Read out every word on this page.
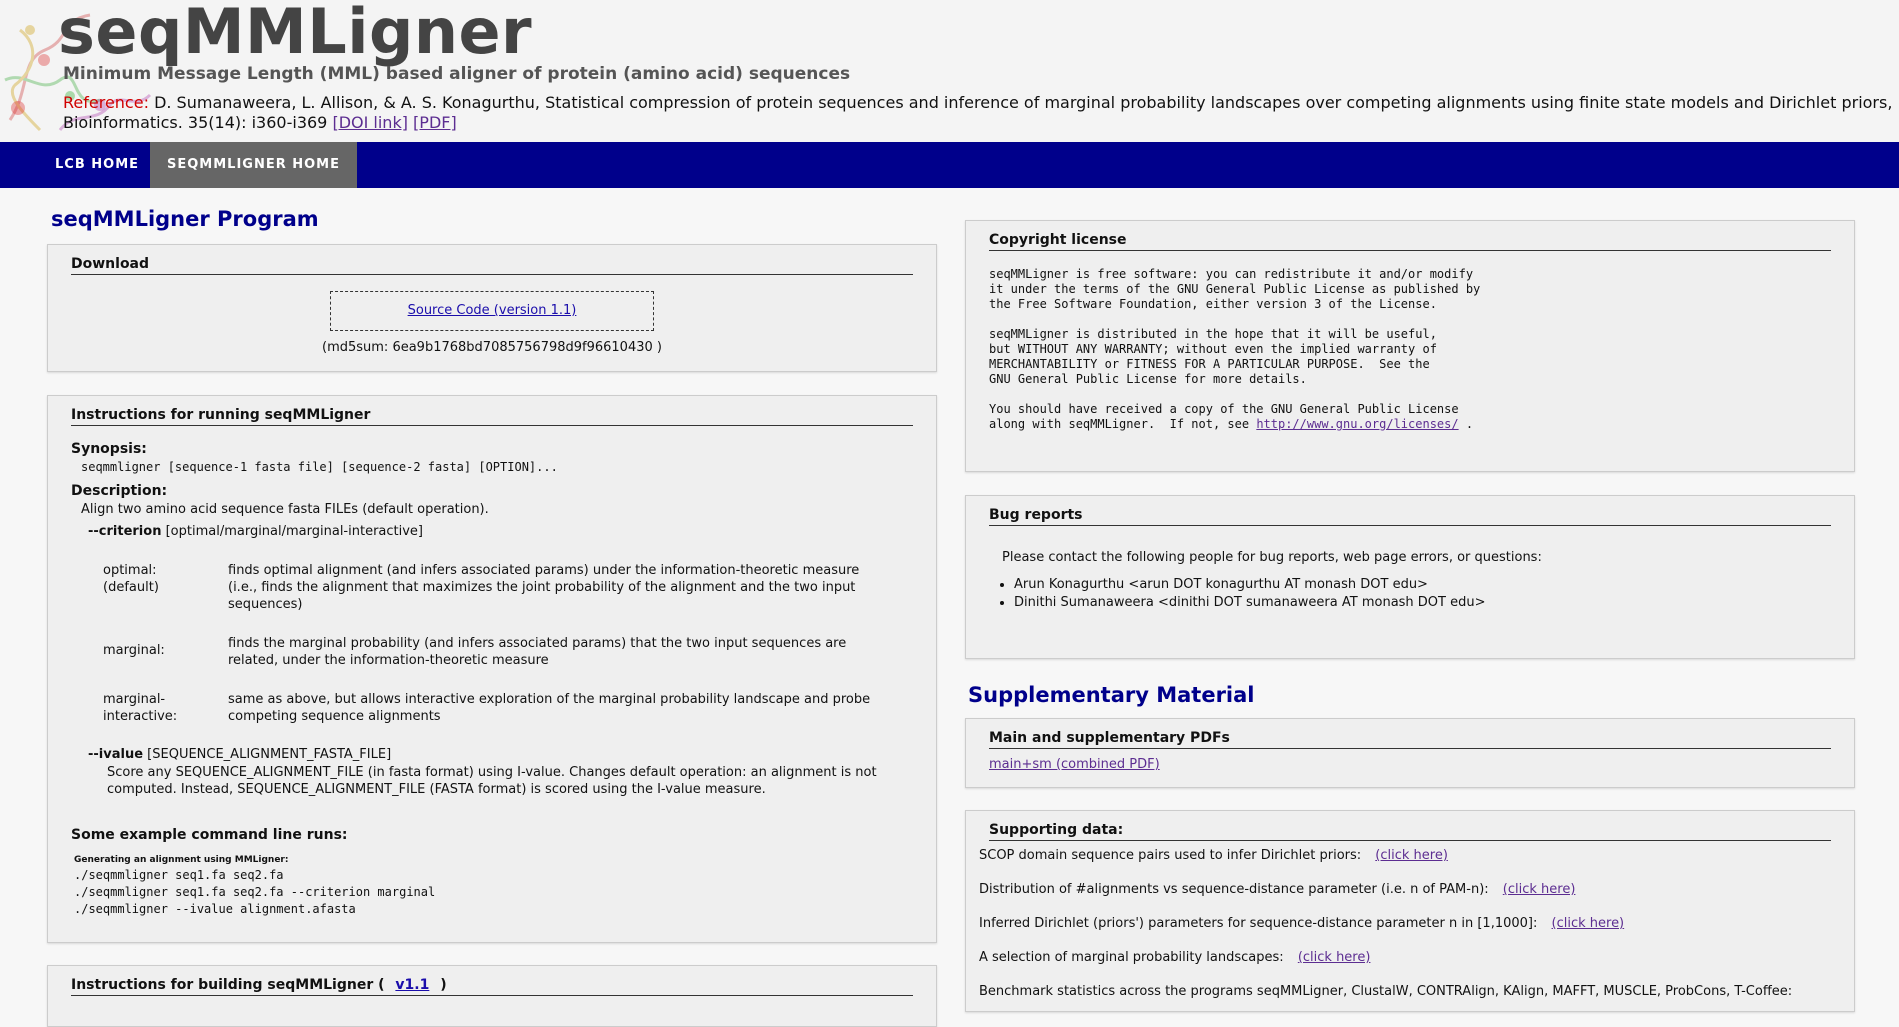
seqMMLigner
Minimum Message Length (MML) based aligner of protein (amino acid) sequences
Reference: D. Sumanaweera, L. Allison, & A. S. Konagurthu, Statistical compression of protein sequences and inference of marginal probability landscapes over competing alignments using finite state models and Dirichlet priors,
Bioinformatics. 35(14): i360-i369 [DOI link] [PDF]
LCB HOME	SEQMMLIGNER HOME
seqMMLigner Program
Download
Source Code (version 1.1)
(md5sum: 6ea9b1768bd7085756798d9f96610430 )
Instructions for running seqMMLigner
Synopsis:
seqmmligner [sequence-1 fasta file] [sequence-2 fasta] [OPTION]...
Description:
Align two amino acid sequence fasta FILEs (default operation).
--criterion [optimal/marginal/marginal-interactive]
optimal:
(default)
finds optimal alignment (and infers associated params) under the information-theoretic measure (i.e., finds the alignment that maximizes the joint probability of the alignment and the two input sequences)
marginal:	finds the marginal probability (and infers associated params) that the two input sequences are related, under the information-theoretic measure
marginal-
interactive:
same as above, but allows interactive exploration of the marginal probability landscape and probe competing sequence alignments
--ivalue [SEQUENCE_ALIGNMENT_FASTA_FILE]
Score any SEQUENCE_ALIGNMENT_FILE (in fasta format) using I-value. Changes default operation: an alignment is not computed. Instead, SEQUENCE_ALIGNMENT_FILE (FASTA format) is scored using the I-value measure.
Some example command line runs:
Generating an alignment using MMLigner:
./seqmmligner seq1.fa seq2.fa
./seqmmligner seq1.fa seq2.fa --criterion marginal
./seqmmligner --ivalue alignment.afasta
Instructions for building seqMMLigner ( v1.1 )
Copyright license
seqMMLigner is free software: you can redistribute it and/or modify
it under the terms of the GNU General Public License as published by
the Free Software Foundation, either version 3 of the License.

seqMMLigner is distributed in the hope that it will be useful,
but WITHOUT ANY WARRANTY; without even the implied warranty of
MERCHANTABILITY or FITNESS FOR A PARTICULAR PURPOSE.  See the
GNU General Public License for more details.

You should have received a copy of the GNU General Public License
along with seqMMLigner.  If not, see http://www.gnu.org/licenses/ .
Bug reports
Please contact the following people for bug reports, web page errors, or questions:
• Arun Konagurthu <arun DOT konagurthu AT monash DOT edu>
• Dinithi Sumanaweera <dinithi DOT sumanaweera AT monash DOT edu>
Supplementary Material
Main and supplementary PDFs
main+sm (combined PDF)
Supporting data:
SCOP domain sequence pairs used to infer Dirichlet priors: (click here)
Distribution of #alignments vs sequence-distance parameter (i.e. n of PAM-n): (click here)
Inferred Dirichlet (priors') parameters for sequence-distance parameter n in [1,1000]: (click here)
A selection of marginal probability landscapes: (click here)
Benchmark statistics across the programs seqMMLigner, ClustalW, CONTRAlign, KAlign, MAFFT, MUSCLE, ProbCons, T-Coffee:
